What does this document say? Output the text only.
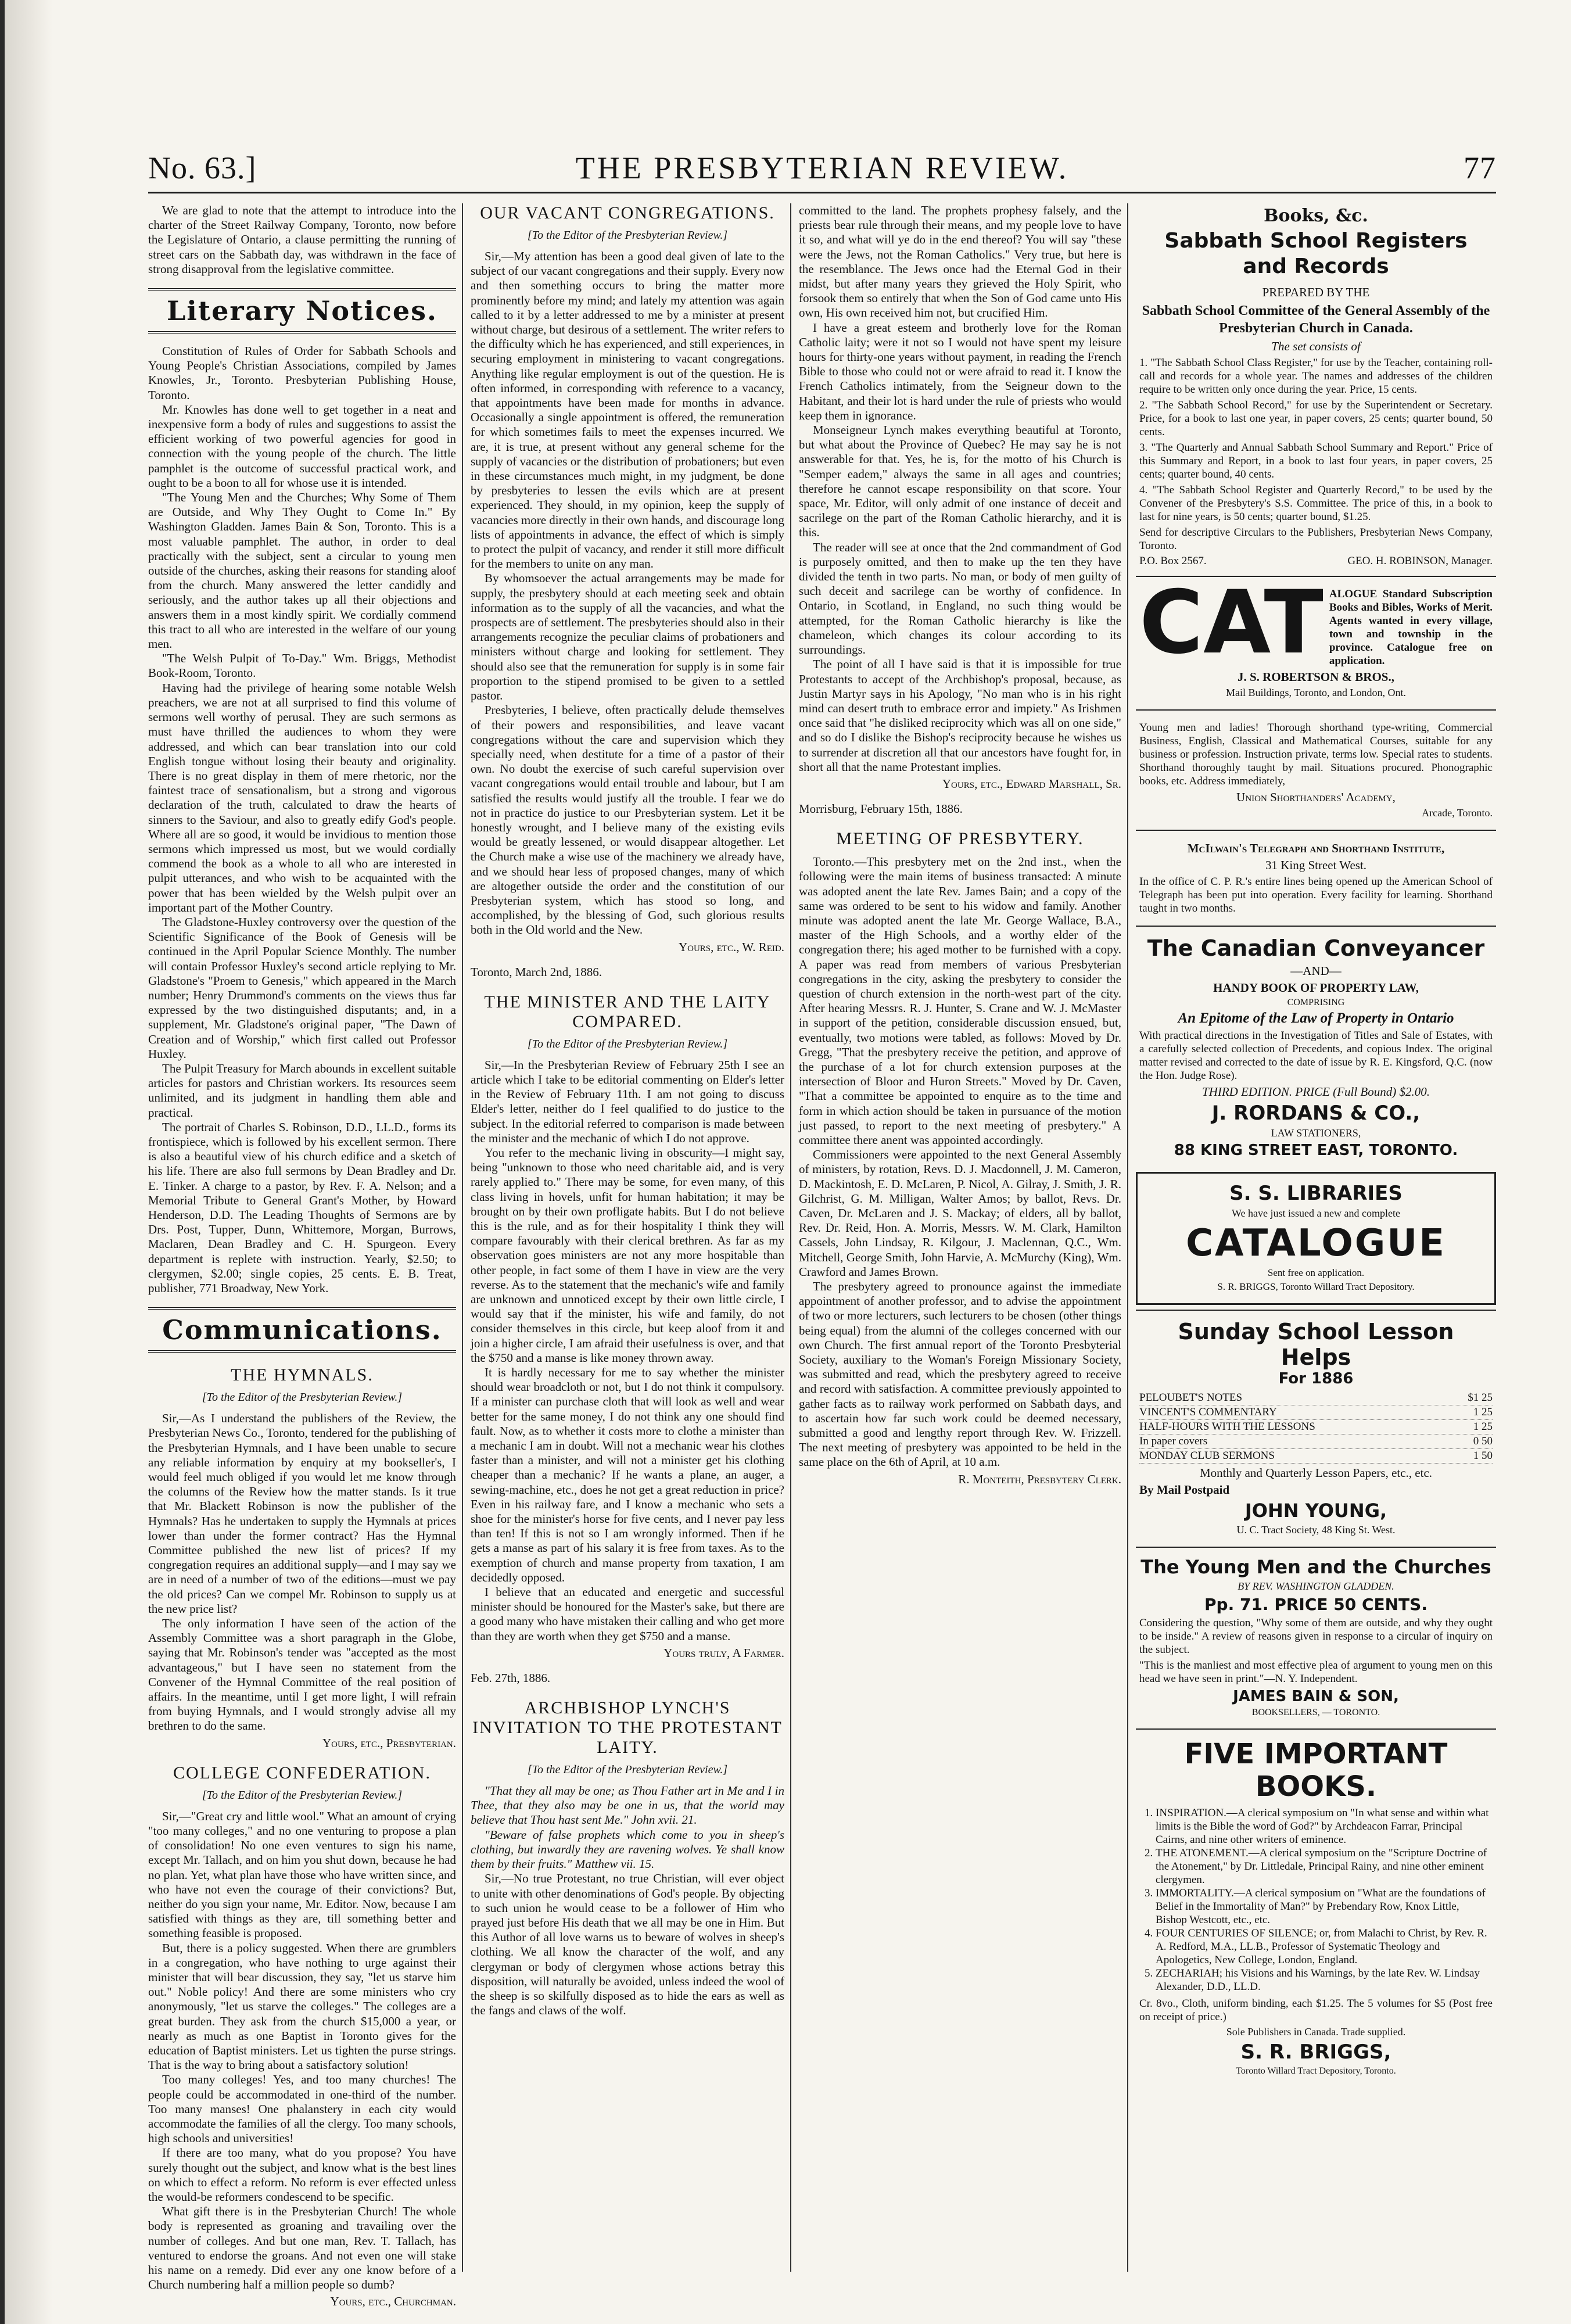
THE PRESBYTERIAN REVIEW.
No. 63.]	77

We are glad to note that the attempt to introduce into the charter of the Street Railway Company, Toronto, now before the Legislature of Ontario, a clause permitting the running of street cars on the Sabbath day, was withdrawn in the face of strong disapproval from the legislative committee.

Literary Notices.

Constitution of Rules of Order for Sabbath Schools and Young People's Christian Associations, compiled by James Knowles, Jr., Toronto. Presbyterian Publishing House, Toronto.

Mr. Knowles has done well to get together in a neat and inexpensive form a body of rules and suggestions to assist the efficient working of two powerful agencies for good in connection with the young people of the church. The little pamphlet is the outcome of successful practical work, and ought to be a boon to all for whose use it is intended.

"The Young Men and the Churches; Why Some of Them are Outside, and Why They Ought to Come In." By Washington Gladden. James Bain & Son, Toronto. This is a most valuable pamphlet. The author, in order to deal practically with the subject, sent a circular to young men outside of the churches, asking their reasons for standing aloof from the church. Many answered the letter candidly and seriously, and the author takes up all their objections and answers them in a most kindly spirit. We cordially commend this tract to all who are interested in the welfare of our young men.

"The Welsh Pulpit of To-Day." Wm. Briggs, Methodist Book-Room, Toronto.

Having had the privilege of hearing some notable Welsh preachers, we are not at all surprised to find this volume of sermons well worthy of perusal. They are such sermons as must have thrilled the audiences to whom they were addressed, and which can bear translation into our cold English tongue without losing their beauty and originality. There is no great display in them of mere rhetoric, nor the faintest trace of sensationalism, but a strong and vigorous declaration of the truth, calculated to draw the hearts of sinners to the Saviour, and also to greatly edify God's people. Where all are so good, it would be invidious to mention those sermons which impressed us most, but we would cordially commend the book as a whole to all who are interested in pulpit utterances, and who wish to be acquainted with the power that has been wielded by the Welsh pulpit over an important part of the Mother Country.

The Gladstone-Huxley controversy over the question of the Scientific Significance of the Book of Genesis will be continued in the April Popular Science Monthly. The number will contain Professor Huxley's second article replying to Mr. Gladstone's "Proem to Genesis," which appeared in the March number; Henry Drummond's comments on the views thus far expressed by the two distinguished disputants; and, in a supplement, Mr. Gladstone's original paper, "The Dawn of Creation and of Worship," which first called out Professor Huxley.

The Pulpit Treasury for March abounds in excellent suitable articles for pastors and Christian workers. Its resources seem unlimited, and its judgment in handling them able and practical.

The portrait of Charles S. Robinson, D.D., LL.D., forms its frontispiece, which is followed by his excellent sermon. There is also a beautiful view of his church edifice and a sketch of his life. There are also full sermons by Dean Bradley and Dr. E. Tinker. A charge to a pastor, by Rev. F. A. Nelson; and a Memorial Tribute to General Grant's Mother, by Howard Henderson, D.D. The Leading Thoughts of Sermons are by Drs. Post, Tupper, Dunn, Whittemore, Morgan, Burrows, Maclaren, Dean Bradley and C. H. Spurgeon. Every department is replete with instruction. Yearly, $2.50; to clergymen, $2.00; single copies, 25 cents. E. B. Treat, publisher, 771 Broadway, New York.

Communications.
THE HYMNALS.
[To the Editor of the Presbyterian Review.]

Sir,—As I understand the publishers of the Review, the Presbyterian News Co., Toronto, tendered for the publishing of the Presbyterian Hymnals, and I have been unable to secure any reliable information by enquiry at my bookseller's, I would feel much obliged if you would let me know through the columns of the Review how the matter stands. Is it true that Mr. Blackett Robinson is now the publisher of the Hymnals? Has he undertaken to supply the Hymnals at prices lower than under the former contract? Has the Hymnal Committee published the new list of prices? If my congregation requires an additional supply—and I may say we are in need of a number of two of the editions—must we pay the old prices? Can we compel Mr. Robinson to supply us at the new price list?

The only information I have seen of the action of the Assembly Committee was a short paragraph in the Globe, saying that Mr. Robinson's tender was "accepted as the most advantageous," but I have seen no statement from the Convener of the Hymnal Committee of the real position of affairs. In the meantime, until I get more light, I will refrain from buying Hymnals, and I would strongly advise all my brethren to do the same.

Yours, etc., Presbyterian.
COLLEGE CONFEDERATION.
[To the Editor of the Presbyterian Review.]

Sir,—"Great cry and little wool." What an amount of crying "too many colleges," and no one venturing to propose a plan of consolidation! No one even ventures to sign his name, except Mr. Tallach, and on him you shut down, because he had no plan. Yet, what plan have those who have written since, and who have not even the courage of their convictions? But, neither do you sign your name, Mr. Editor. Now, because I am satisfied with things as they are, till something better and something feasible is proposed.

But, there is a policy suggested. When there are grumblers in a congregation, who have nothing to urge against their minister that will bear discussion, they say, "let us starve him out." Noble policy! And there are some ministers who cry anonymously, "let us starve the colleges." The colleges are a great burden. They ask from the church $15,000 a year, or nearly as much as one Baptist in Toronto gives for the education of Baptist ministers. Let us tighten the purse strings. That is the way to bring about a satisfactory solution!

Too many colleges! Yes, and too many churches! The people could be accommodated in one-third of the number. Too many manses! One phalanstery in each city would accommodate the families of all the clergy. Too many schools, high schools and universities!

If there are too many, what do you propose? You have surely thought out the subject, and know what is the best lines on which to effect a reform. No reform is ever effected unless the would-be reformers condescend to be specific.

What gift there is in the Presbyterian Church! The whole body is represented as groaning and travailing over the number of colleges. And but one man, Rev. T. Tallach, has ventured to endorse the groans. And not even one will stake his name on a remedy. Did ever any one know before of a Church numbering half a million people so dumb?

Yours, etc., Churchman.
OUR VACANT CONGREGATIONS.
[To the Editor of the Presbyterian Review.]

Sir,—My attention has been a good deal given of late to the subject of our vacant congregations and their supply. Every now and then something occurs to bring the matter more prominently before my mind; and lately my attention was again called to it by a letter addressed to me by a minister at present without charge, but desirous of a settlement. The writer refers to the difficulty which he has experienced, and still experiences, in securing employment in ministering to vacant congregations. Anything like regular employment is out of the question. He is often informed, in corresponding with reference to a vacancy, that appointments have been made for months in advance. Occasionally a single appointment is offered, the remuneration for which sometimes fails to meet the expenses incurred. We are, it is true, at present without any general scheme for the supply of vacancies or the distribution of probationers; but even in these circumstances much might, in my judgment, be done by presbyteries to lessen the evils which are at present experienced. They should, in my opinion, keep the supply of vacancies more directly in their own hands, and discourage long lists of appointments in advance, the effect of which is simply to protect the pulpit of vacancy, and render it still more difficult for the members to unite on any man.

By whomsoever the actual arrangements may be made for supply, the presbytery should at each meeting seek and obtain information as to the supply of all the vacancies, and what the prospects are of settlement. The presbyteries should also in their arrangements recognize the peculiar claims of probationers and ministers without charge and looking for settlement. They should also see that the remuneration for supply is in some fair proportion to the stipend promised to be given to a settled pastor.

Presbyteries, I believe, often practically delude themselves of their powers and responsibilities, and leave vacant congregations without the care and supervision which they specially need, when destitute for a time of a pastor of their own. No doubt the exercise of such careful supervision over vacant congregations would entail trouble and labour, but I am satisfied the results would justify all the trouble. I fear we do not in practice do justice to our Presbyterian system. Let it be honestly wrought, and I believe many of the existing evils would be greatly lessened, or would disappear altogether. Let the Church make a wise use of the machinery we already have, and we should hear less of proposed changes, many of which are altogether outside the order and the constitution of our Presbyterian system, which has stood so long, and accomplished, by the blessing of God, such glorious results both in the Old world and the New.

Yours, etc., W. Reid.

Toronto, March 2nd, 1886.

THE MINISTER AND THE LAITY COMPARED.
[To the Editor of the Presbyterian Review.]

Sir,—In the Presbyterian Review of February 25th I see an article which I take to be editorial commenting on Elder's letter in the Review of February 11th. I am not going to discuss Elder's letter, neither do I feel qualified to do justice to the subject. In the editorial referred to comparison is made between the minister and the mechanic of which I do not approve.

You refer to the mechanic living in obscurity—I might say, being "unknown to those who need charitable aid, and is very rarely applied to." There may be some, for even many, of this class living in hovels, unfit for human habitation; it may be brought on by their own profligate habits. But I do not believe this is the rule, and as for their hospitality I think they will compare favourably with their clerical brethren. As far as my observation goes ministers are not any more hospitable than other people, in fact some of them I have in view are the very reverse. As to the statement that the mechanic's wife and family are unknown and unnoticed except by their own little circle, I would say that if the minister, his wife and family, do not consider themselves in this circle, but keep aloof from it and join a higher circle, I am afraid their usefulness is over, and that the $750 and a manse is like money thrown away.

It is hardly necessary for me to say whether the minister should wear broadcloth or not, but I do not think it compulsory. If a minister can purchase cloth that will look as well and wear better for the same money, I do not think any one should find fault. Now, as to whether it costs more to clothe a minister than a mechanic I am in doubt. Will not a mechanic wear his clothes faster than a minister, and will not a minister get his clothing cheaper than a mechanic? If he wants a plane, an auger, a sewing-machine, etc., does he not get a great reduction in price? Even in his railway fare, and I know a mechanic who sets a shoe for the minister's horse for five cents, and I never pay less than ten! If this is not so I am wrongly informed. Then if he gets a manse as part of his salary it is free from taxes. As to the exemption of church and manse property from taxation, I am decidedly opposed.

I believe that an educated and energetic and successful minister should be honoured for the Master's sake, but there are a good many who have mistaken their calling and who get more than they are worth when they get $750 and a manse.

Yours truly, A Farmer.

Feb. 27th, 1886.

ARCHBISHOP LYNCH'S INVITATION TO THE PROTESTANT LAITY.
[To the Editor of the Presbyterian Review.]

"That they all may be one; as Thou Father art in Me and I in Thee, that they also may be one in us, that the world may believe that Thou hast sent Me." John xvii. 21.

"Beware of false prophets which come to you in sheep's clothing, but inwardly they are ravening wolves. Ye shall know them by their fruits." Matthew vii. 15.

Sir,—No true Protestant, no true Christian, will ever object to unite with other denominations of God's people. By objecting to such union he would cease to be a follower of Him who prayed just before His death that we all may be one in Him. But this Author of all love warns us to beware of wolves in sheep's clothing. We all know the character of the wolf, and any clergyman or body of clergymen whose actions betray this disposition, will naturally be avoided, unless indeed the wool of the sheep is so skilfully disposed as to hide the ears as well as the fangs and claws of the wolf.

committed to the land. The prophets prophesy falsely, and the priests bear rule through their means, and my people love to have it so, and what will ye do in the end thereof? You will say "these were the Jews, not the Roman Catholics." Very true, but here is the resemblance. The Jews once had the Eternal God in their midst, but after many years they grieved the Holy Spirit, who forsook them so entirely that when the Son of God came unto His own, His own received him not, but crucified Him.

I have a great esteem and brotherly love for the Roman Catholic laity; were it not so I would not have spent my leisure hours for thirty-one years without payment, in reading the French Bible to those who could not or were afraid to read it. I know the French Catholics intimately, from the Seigneur down to the Habitant, and their lot is hard under the rule of priests who would keep them in ignorance.

Monseigneur Lynch makes everything beautiful at Toronto, but what about the Province of Quebec? He may say he is not answerable for that. Yes, he is, for the motto of his Church is "Semper eadem," always the same in all ages and countries; therefore he cannot escape responsibility on that score. Your space, Mr. Editor, will only admit of one instance of deceit and sacrilege on the part of the Roman Catholic hierarchy, and it is this.

The reader will see at once that the 2nd commandment of God is purposely omitted, and then to make up the ten they have divided the tenth in two parts. No man, or body of men guilty of such deceit and sacrilege can be worthy of confidence. In Ontario, in Scotland, in England, no such thing would be attempted, for the Roman Catholic hierarchy is like the chameleon, which changes its colour according to its surroundings.

The point of all I have said is that it is impossible for true Protestants to accept of the Archbishop's proposal, because, as Justin Martyr says in his Apology, "No man who is in his right mind can desert truth to embrace error and impiety." As Irishmen once said that "he disliked reciprocity which was all on one side," and so do I dislike the Bishop's reciprocity because he wishes us to surrender at discretion all that our ancestors have fought for, in short all that the name Protestant implies.

Yours, etc., Edward Marshall, Sr.

Morrisburg, February 15th, 1886.

MEETING OF PRESBYTERY.

Toronto.—This presbytery met on the 2nd inst., when the following were the main items of business transacted: A minute was adopted anent the late Rev. James Bain; and a copy of the same was ordered to be sent to his widow and family. Another minute was adopted anent the late Mr. George Wallace, B.A., master of the High Schools, and a worthy elder of the congregation there; his aged mother to be furnished with a copy. A paper was read from members of various Presbyterian congregations in the city, asking the presbytery to consider the question of church extension in the north-west part of the city. After hearing Messrs. R. J. Hunter, S. Crane and W. J. McMaster in support of the petition, considerable discussion ensued, but, eventually, two motions were tabled, as follows: Moved by Dr. Gregg, "That the presbytery receive the petition, and approve of the purchase of a lot for church extension purposes at the intersection of Bloor and Huron Streets." Moved by Dr. Caven, "That a committee be appointed to enquire as to the time and form in which action should be taken in pursuance of the motion just passed, to report to the next meeting of presbytery." A committee there anent was appointed accordingly.

Commissioners were appointed to the next General Assembly of ministers, by rotation, Revs. D. J. Macdonnell, J. M. Cameron, D. Mackintosh, E. D. McLaren, P. Nicol, A. Gilray, J. Smith, J. R. Gilchrist, G. M. Milligan, Walter Amos; by ballot, Revs. Dr. Caven, Dr. McLaren and J. S. Mackay; of elders, all by ballot, Rev. Dr. Reid, Hon. A. Morris, Messrs. W. M. Clark, Hamilton Cassels, John Lindsay, R. Kilgour, J. Maclennan, Q.C., Wm. Mitchell, George Smith, John Harvie, A. McMurchy (King), Wm. Crawford and James Brown.

The presbytery agreed to pronounce against the immediate appointment of another professor, and to advise the appointment of two or more lecturers, such lecturers to be chosen (other things being equal) from the alumni of the colleges concerned with our own Church. The first annual report of the Toronto Presbyterial Society, auxiliary to the Woman's Foreign Missionary Society, was submitted and read, which the presbytery agreed to receive and record with satisfaction. A committee previously appointed to gather facts as to railway work performed on Sabbath days, and to ascertain how far such work could be deemed necessary, submitted a good and lengthy report through Rev. W. Frizzell. The next meeting of presbytery was appointed to be held in the same place on the 6th of April, at 10 a.m.

R. Monteith, Presbytery Clerk.

Books, &c.

Sabbath School Registers and Records

PREPARED BY THE

Sabbath School Committee of the General Assembly of the Presbyterian Church in Canada.

The set consists of

1. "The Sabbath School Class Register," for use by the Teacher, containing roll-call and records for a whole year. The names and addresses of the children require to be written only once during the year. Price, 15 cents.

2. "The Sabbath School Record," for use by the Superintendent or Secretary. Price, for a book to last one year, in paper covers, 25 cents; quarter bound, 50 cents.

3. "The Quarterly and Annual Sabbath School Summary and Report." Price of this Summary and Report, in a book to last four years, in paper covers, 25 cents; quarter bound, 40 cents.

4. "The Sabbath School Register and Quarterly Record," to be used by the Convener of the Presbytery's S.S. Committee. The price of this, in a book to last for nine years, is 50 cents; quarter bound, $1.25.

Send for descriptive Circulars to the Publishers, Presbyterian News Company, Toronto.

P.O. Box 2567.	GEO. H. ROBINSON, Manager.
CAT ALOGUE Standard Subscription Books and Bibles, Works of Merit. Agents wanted in every village, town and township in the province. Catalogue free on application.

J. S. ROBERTSON & BROS.,

Mail Buildings, Toronto, and London, Ont.

Young men and ladies! Thorough shorthand type-writing, Commercial Business, English, Classical and Mathematical Courses, suitable for any business or profession. Instruction private, terms low. Special rates to students. Shorthand thoroughly taught by mail. Situations procured. Phonographic books, etc. Address immediately,

Union Shorthanders' Academy,

Arcade, Toronto.

McIlwain's Telegraph and Shorthand Institute,

31 King Street West.

In the office of C. P. R.'s entire lines being opened up the American School of Telegraph has been put into operation. Every facility for learning. Shorthand taught in two months.

The Canadian Conveyancer

—AND—

HANDY BOOK OF PROPERTY LAW,

COMPRISING

An Epitome of the Law of Property in Ontario

With practical directions in the Investigation of Titles and Sale of Estates, with a carefully selected collection of Precedents, and copious Index. The original matter revised and corrected to the date of issue by R. E. Kingsford, Q.C. (now the Hon. Judge Rose).

THIRD EDITION. PRICE (Full Bound) $2.00.

J. RORDANS & CO.,

LAW STATIONERS,

88 KING STREET EAST, TORONTO.

S. S. LIBRARIES

We have just issued a new and complete

CATALOGUE

Sent free on application.

S. R. BRIGGS, Toronto Willard Tract Depository.

Sunday School Lesson Helps

For 1886

PELOUBET'S NOTES	$1 25
VINCENT'S COMMENTARY	1 25
HALF-HOURS WITH THE LESSONS	1 25
In paper covers	0 50
MONDAY CLUB SERMONS	1 50

Monthly and Quarterly Lesson Papers, etc., etc.

By Mail Postpaid

JOHN YOUNG,

U. C. Tract Society, 48 King St. West.

The Young Men and the Churches

BY REV. WASHINGTON GLADDEN.

Pp. 71. PRICE 50 CENTS.

Considering the question, "Why some of them are outside, and why they ought to be inside." A review of reasons given in response to a circular of inquiry on the subject.

"This is the manliest and most effective plea of argument to young men on this head we have seen in print."—N. Y. Independent.

JAMES BAIN & SON,

BOOKSELLERS, — TORONTO.

FIVE IMPORTANT BOOKS.

1. INSPIRATION.—A clerical symposium on "In what sense and within what limits is the Bible the word of God?" by Archdeacon Farrar, Principal Cairns, and nine other writers of eminence.
2. THE ATONEMENT.—A clerical symposium on the "Scripture Doctrine of the Atonement," by Dr. Littledale, Principal Rainy, and nine other eminent clergymen.
3. IMMORTALITY.—A clerical symposium on "What are the foundations of Belief in the Immortality of Man?" by Prebendary Row, Knox Little, Bishop Westcott, etc., etc.
4. FOUR CENTURIES OF SILENCE; or, from Malachi to Christ, by Rev. R. A. Redford, M.A., LL.B., Professor of Systematic Theology and Apologetics, New College, London, England.
5. ZECHARIAH; his Visions and his Warnings, by the late Rev. W. Lindsay Alexander, D.D., LL.D.

Cr. 8vo., Cloth, uniform binding, each $1.25. The 5 volumes for $5 (Post free on receipt of price.)

Sole Publishers in Canada. Trade supplied.

S. R. BRIGGS,

Toronto Willard Tract Depository, Toronto.
